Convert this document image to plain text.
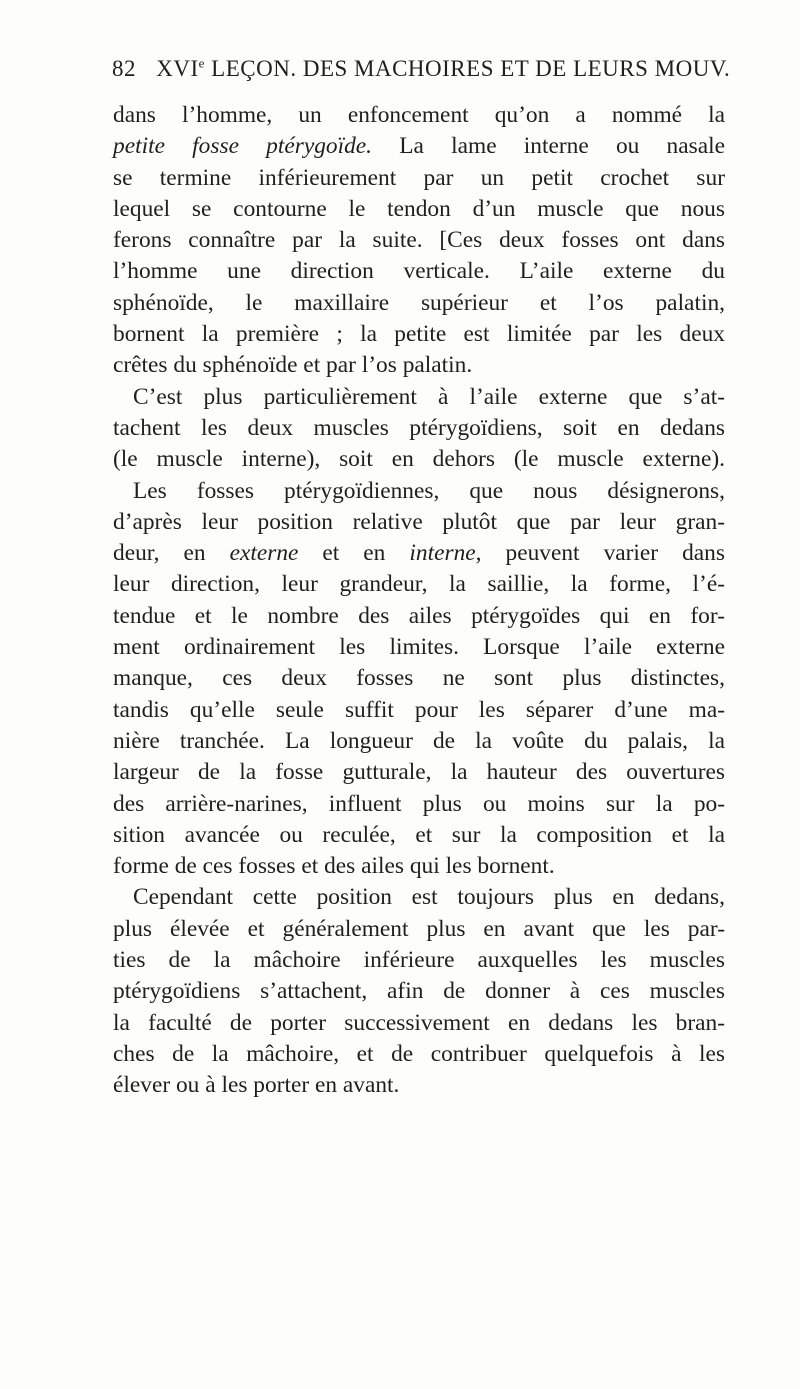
82 XVIe LEÇON. DES MACHOIRES ET DE LEURS MOUV.
dans l’homme, un enfoncement qu’on a nommé la
petite fosse ptérygoïde. La lame interne ou nasale
se termine inférieurement par un petit crochet sur
lequel se contourne le tendon d’un muscle que nous
ferons connaître par la suite. [Ces deux fosses ont dans
l’homme une direction verticale. L’aile externe du
sphénoïde, le maxillaire supérieur et l’os palatin,
bornent la première ; la petite est limitée par les deux
crêtes du sphénoïde et par l’os palatin.
C’est plus particulièrement à l’aile externe que s’at-
tachent les deux muscles ptérygoïdiens, soit en dedans
(le muscle interne), soit en dehors (le muscle externe).
Les fosses ptérygoïdiennes, que nous désignerons,
d’après leur position relative plutôt que par leur gran-
deur, en externe et en interne, peuvent varier dans
leur direction, leur grandeur, la saillie, la forme, l’é-
tendue et le nombre des ailes ptérygoïdes qui en for-
ment ordinairement les limites. Lorsque l’aile externe
manque, ces deux fosses ne sont plus distinctes,
tandis qu’elle seule suffit pour les séparer d’une ma-
nière tranchée. La longueur de la voûte du palais, la
largeur de la fosse gutturale, la hauteur des ouvertures
des arrière-narines, influent plus ou moins sur la po-
sition avancée ou reculée, et sur la composition et la
forme de ces fosses et des ailes qui les bornent.
Cependant cette position est toujours plus en dedans,
plus élevée et généralement plus en avant que les par-
ties de la mâchoire inférieure auxquelles les muscles
ptérygoïdiens s’attachent, afin de donner à ces muscles
la faculté de porter successivement en dedans les bran-
ches de la mâchoire, et de contribuer quelquefois à les
élever ou à les porter en avant.
